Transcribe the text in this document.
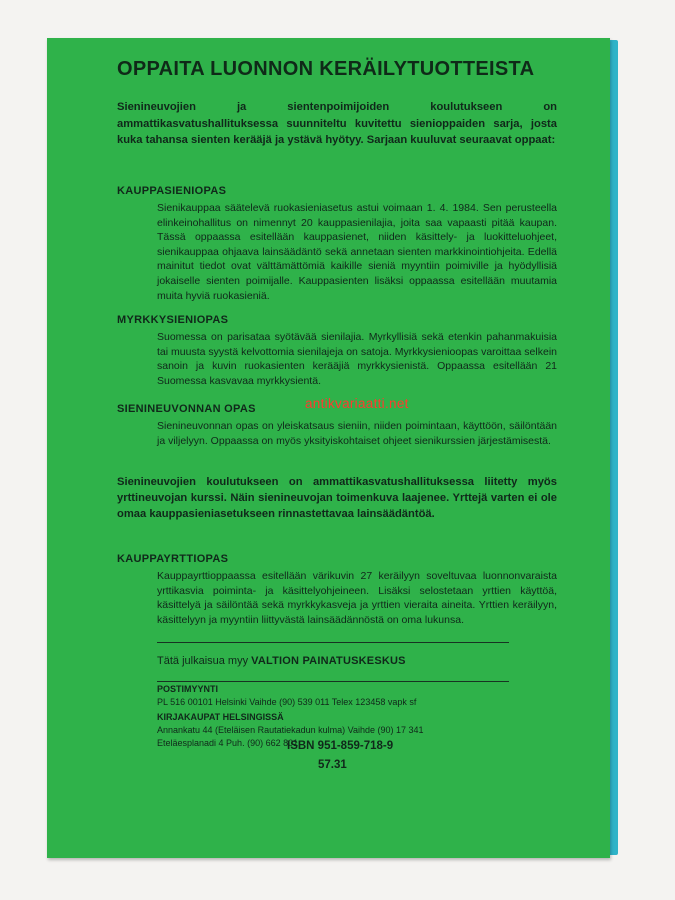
OPPAITA LUONNON KERÄILYTUOTTEISTA

Sienineuvojien ja sientenpoimijoiden koulutukseen on ammattikasvatushallituksessa suunniteltu kuvitettu sienioppaiden sarja, josta kuka tahansa sienten kerääjä ja ystävä hyötyy. Sarjaan kuuluvat seuraavat oppaat:

KAUPPASIENIOPAS

Sienikauppaa säätelevä ruokasieniasetus astui voimaan 1. 4. 1984. Sen perusteella elinkeinohallitus on nimennyt 20 kauppasienilajia, joita saa vapaasti pitää kaupan. Tässä oppaassa esitellään kauppasienet, niiden käsittely- ja luokitteluohjeet, sienikauppaa ohjaava lainsäädäntö sekä annetaan sienten markkinointiohjeita. Edellä mainitut tiedot ovat välttämättömiä kaikille sieniä myyntiin poimiville ja hyödyllisiä jokaiselle sienten poimijalle. Kauppasienten lisäksi oppaassa esitellään muutamia muita hyviä ruokasieniä.

MYRKKYSIENIOPAS

Suomessa on parisataa syötävää sienilajia. Myrkyllisiä sekä etenkin pahanmakuisia tai muusta syystä kelvottomia sienilajeja on satoja. Myrkkysienioopas varoittaa selkein sanoin ja kuvin ruokasienten kerääjiä myrkkysienistä. Oppaassa esitellään 21 Suomessa kasvavaa myrkkysientä.

SIENINEUVONNAN OPAS

Sienineuvonnan opas on yleiskatsaus sieniin, niiden poimintaan, käyttöön, säilöntään ja viljelyyn. Oppaassa on myös yksityiskohtaiset ohjeet sienikurssien järjestämisestä.

Sienineuvojien koulutukseen on ammattikasvatushallituksessa liitetty myös yrttineuvojan kurssi. Näin sienineuvojan toimenkuva laajenee. Yrttejä varten ei ole omaa kauppasieniasetukseen rinnastettavaa lainsäädäntöä.

KAUPPAYRTTIOPAS

Kauppayrttioppaassa esitellään värikuvin 27 keräilyyn soveltuvaa luonnonvaraista yrttikasvia poiminta- ja käsittelyohjeineen. Lisäksi selostetaan yrttien käyttöä, käsittelyä ja säilöntää sekä myrkkykasveja ja yrttien vieraita aineita. Yrttien keräilyyn, käsittelyyn ja myyntiin liittyvästä lainsäädännöstä on oma lukunsa.

Tätä julkaisua myy VALTION PAINATUSKESKUS
POSTIMYYNTI
PL 516 00101 Helsinki Vaihde (90) 539 011 Telex 123458 vapk sf
KIRJAKAUPAT HELSINGISSÄ
Annankatu 44 (Eteläisen Rautatiekadun kulma) Vaihde (90) 17 341
Eteläesplanadi 4 Puh. (90) 662 801
ISBN 951-859-718-9
57.31
antikvariaatti.net
